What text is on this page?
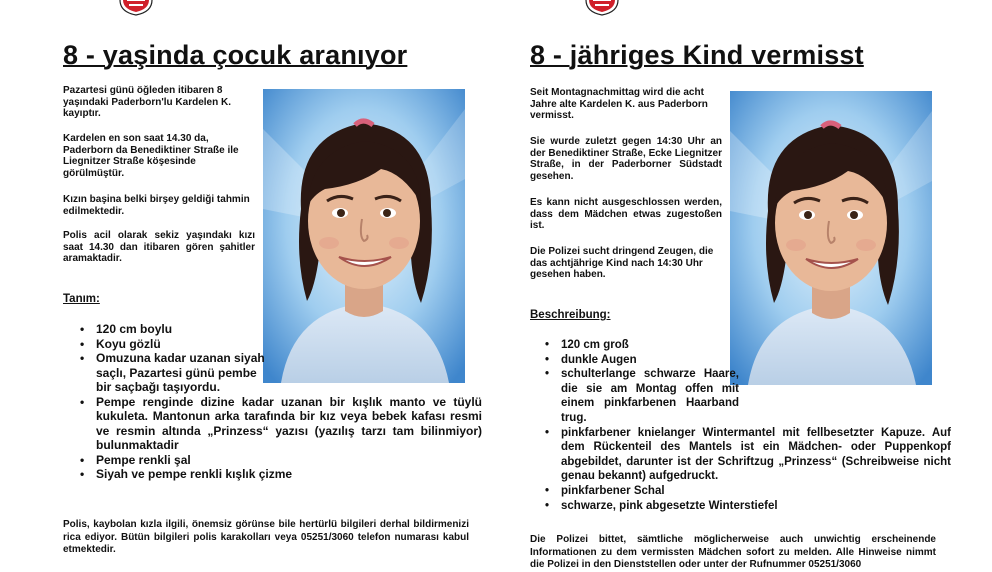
8 - yaşinda çocuk aranıyor

Pazartesi günü öğleden itibaren 8 yaşındaki Paderborn'lu Kardelen K. kayıptır.

Kardelen en son saat 14.30 da, Paderborn da Benediktiner Straße ile Liegnitzer Straße köşesinde görülmüştür.

Kızın başina belki birşey geldiği tahmin edilmektedir.

Polis acil olarak sekiz yaşındakı kızı saat 14.30 dan itibaren gören şahitler aramaktadir.

Tanım:
• 120 cm boylu
• Koyu gözlü
• Omuzuna kadar uzanan siyah saçlı, Pazartesi günü pembe bir saçbağı taşıyordu.
• Pempe renginde dizine kadar uzanan bir kışlık manto ve tüylü kukuleta. Mantonun arka tarafında bir kız veya bebek kafası resmi ve resmin altında „Prinzess“ yazısı (yazılış tarzı tam bilinmiyor) bulunmaktadir
• Pempe renkli şal
• Siyah ve pempe renkli kışlık çizme

Polis, kaybolan kızla ilgili, önemsiz görünse bile hertürlü bilgileri derhal bildirmenizi rica ediyor. Bütün bilgileri polis karakolları veya 05251/3060 telefon numarası kabul etmektedir.

8 - jähriges Kind vermisst

Seit Montagnachmittag wird die acht Jahre alte Kardelen K. aus Paderborn vermisst.

Sie wurde zuletzt gegen 14:30 Uhr an der Benediktiner Straße, Ecke Liegnitzer Straße, in der Paderborner Südstadt gesehen.

Es kann nicht ausgeschlossen werden, dass dem Mädchen etwas zugestoßen ist.

Die Polizei sucht dringend Zeugen, die das achtjährige Kind nach 14:30 Uhr gesehen haben.

Beschreibung:
• 120 cm groß
• dunkle Augen
• schulterlange schwarze Haare, die sie am Montag offen mit einem pinkfarbenen Haarband trug.
• pinkfarbener knielanger Wintermantel mit fellbesetzter Kapuze. Auf dem Rückenteil des Mantels ist ein Mädchen- oder Puppenkopf abgebildet, darunter ist der Schriftzug „Prinzess“ (Schreibweise nicht genau bekannt) aufgedruckt.
• pinkfarbener Schal
• schwarze, pink abgesetzte Winterstiefel

Die Polizei bittet, sämtliche möglicherweise auch unwichtig erscheinende Informationen zu dem vermissten Mädchen sofort zu melden. Alle Hinweise nimmt die Polizei in den Dienststellen oder unter der Rufnummer 05251/3060
